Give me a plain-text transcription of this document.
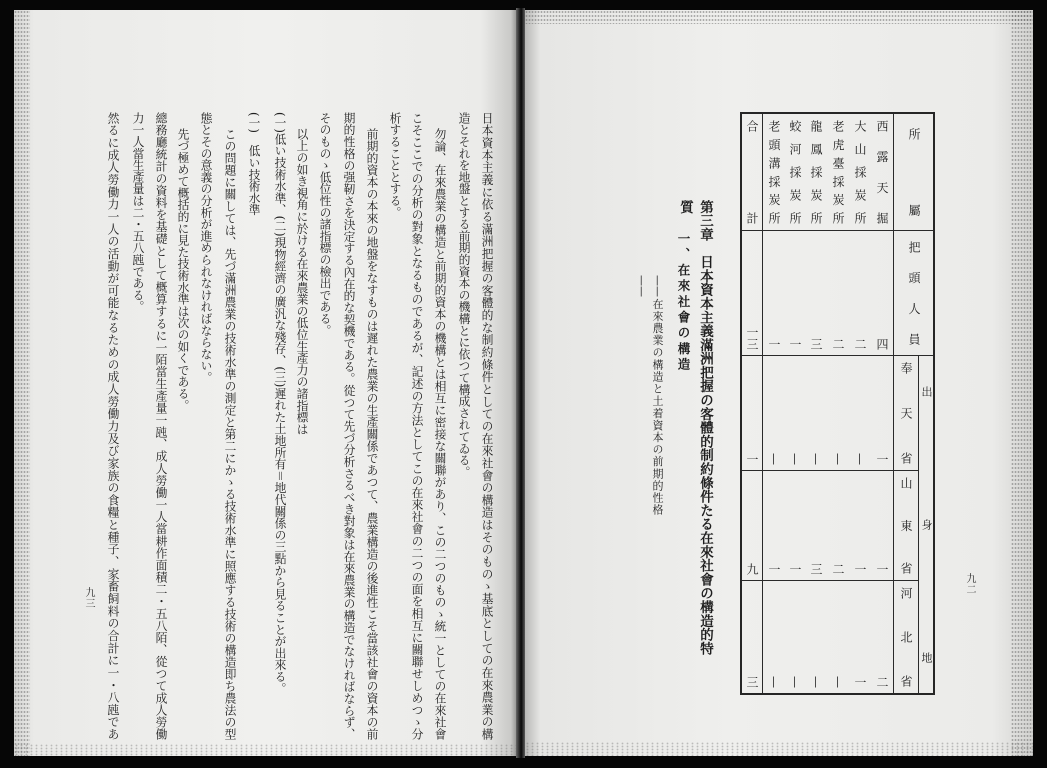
日本資本主義に依る滿洲把握の客體的な制約條件としての在來社會の構造はそのものゝ基底としての在來農業の構
造とそれを地盤とする前期的資本の機構とに依つて構成されてゐる。
勿論、在來農業の構造と前期的資本の機構とは相互に密接な關聯があり、この二つのものゝ統一としての在來社會
こそここでの分析の對象となるものであるが、記述の方法としてこの在來社會の二つの面を相互に關聯せしめつゝ分
析することとする。
前期的資本の本來の地盤をなすものは遲れた農業の生產關係であつて、農業構造の後進性こそ當該社會の資本の前
期的性格の强靭さを決定する內在的な契機である。從つて先づ分析さるべき對象は在來農業の構造でなければならず、
そのものゝ低位性の諸指標の檢出である。
以上の如き視角に於ける在來農業の低位生產力の諸指標は
(一)低い技術水準、(二)現物經濟の廣汎な殘存、(三)遲れた土地所有＝地代關係の三點から見ることが出來る。
(一)　低い技術水準
この問題に關しては、先づ滿洲農業の技術水準の測定と第二にかゝる技術水準に照應する技術の構造即ち農法の型
態とその意義の分析が進められなければならない。
先づ極めて概括的に見た技術水準は次の如くである。
總務廳統計の資料を基礎として概算するに一陌當生產量一瓲、成人勞働一人當耕作面積二・五八陌、從つて成人勞働
力一人當生產量は二・五八瓲である。
然るに成人勞働力一人の活動が可能なるための成人勞働力及び家族の食糧と種子、家畜飼料の合計に一・八瓲であ
九三
所屬
把頭人員
出身地
奉天省
山東省
河北省
西露天掘
四
一
一
二
大山採炭所
二
—
一
一
老虎臺採炭所
二
—
二
—
龍鳳採炭所
三
—
三
—
蛟河採炭所
一
—
一
—
老頭溝採炭所
一
—
一
—
合計
一三
一
九
三
第三章　日本資本主義滿洲把握の客體的制約條件たる在來社會の構造的特質
一、在來社會の構造
——在來農業の構造と土着資本の前期的性格——
九二
